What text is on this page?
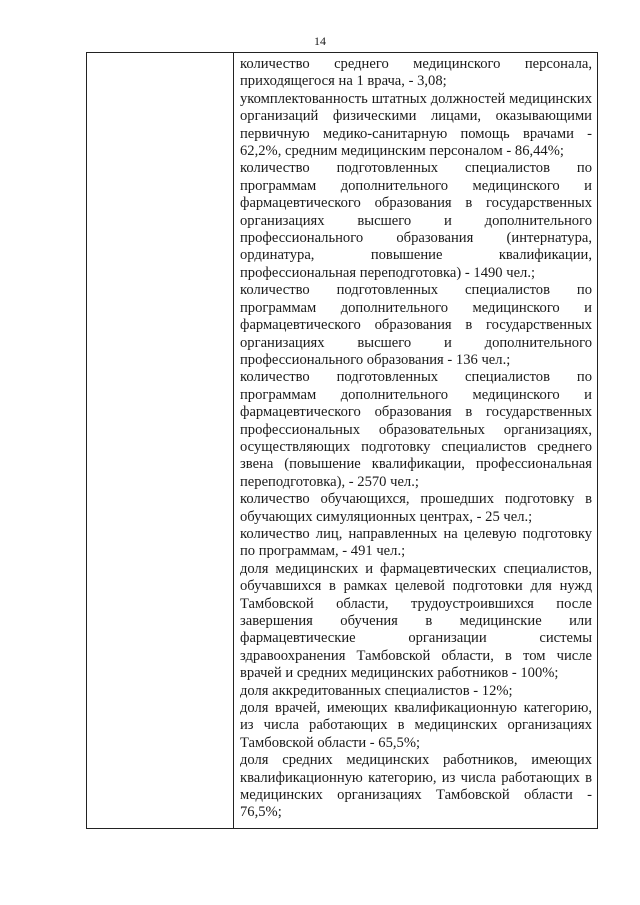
14

количество среднего медицинского персонала, приходящегося на 1 врача, - 3,08;

укомплектованность штатных должностей медицинских организаций физическими лицами, оказывающими первичную медико-санитарную помощь врачами - 62,2%, средним медицинским персоналом - 86,44%;

количество подготовленных специалистов по программам дополнительного медицинского и фармацевтического образования в государственных организациях высшего и дополнительного профессионального образования (интернатура, ординатура, повышение квалификации, профессиональная переподготовка) - 1490 чел.;

количество подготовленных специалистов по программам дополнительного медицинского и фармацевтического образования в государственных организациях высшего и дополнительного профессионального образования - 136 чел.;

количество подготовленных специалистов по программам дополнительного медицинского и фармацевтического образования в государственных профессиональных образовательных организациях, осуществляющих подготовку специалистов среднего звена (повышение квалификации, профессиональная переподготовка), - 2570 чел.;

количество обучающихся, прошедших подготовку в обучающих симуляционных центрах, - 25 чел.;

количество лиц, направленных на целевую подготовку по программам, - 491 чел.;

доля медицинских и фармацевтических специалистов, обучавшихся в рамках целевой подготовки для нужд Тамбовской области, трудоустроившихся после завершения обучения в медицинские или фармацевтические организации системы здравоохранения Тамбовской области, в том числе врачей и средних медицинских работников - 100%;

доля аккредитованных специалистов - 12%;

доля врачей, имеющих квалификационную категорию, из числа работающих в медицинских организациях Тамбовской области - 65,5%;

доля средних медицинских работников, имеющих квалификационную категорию, из числа работающих в медицинских организациях Тамбовской области - 76,5%;
